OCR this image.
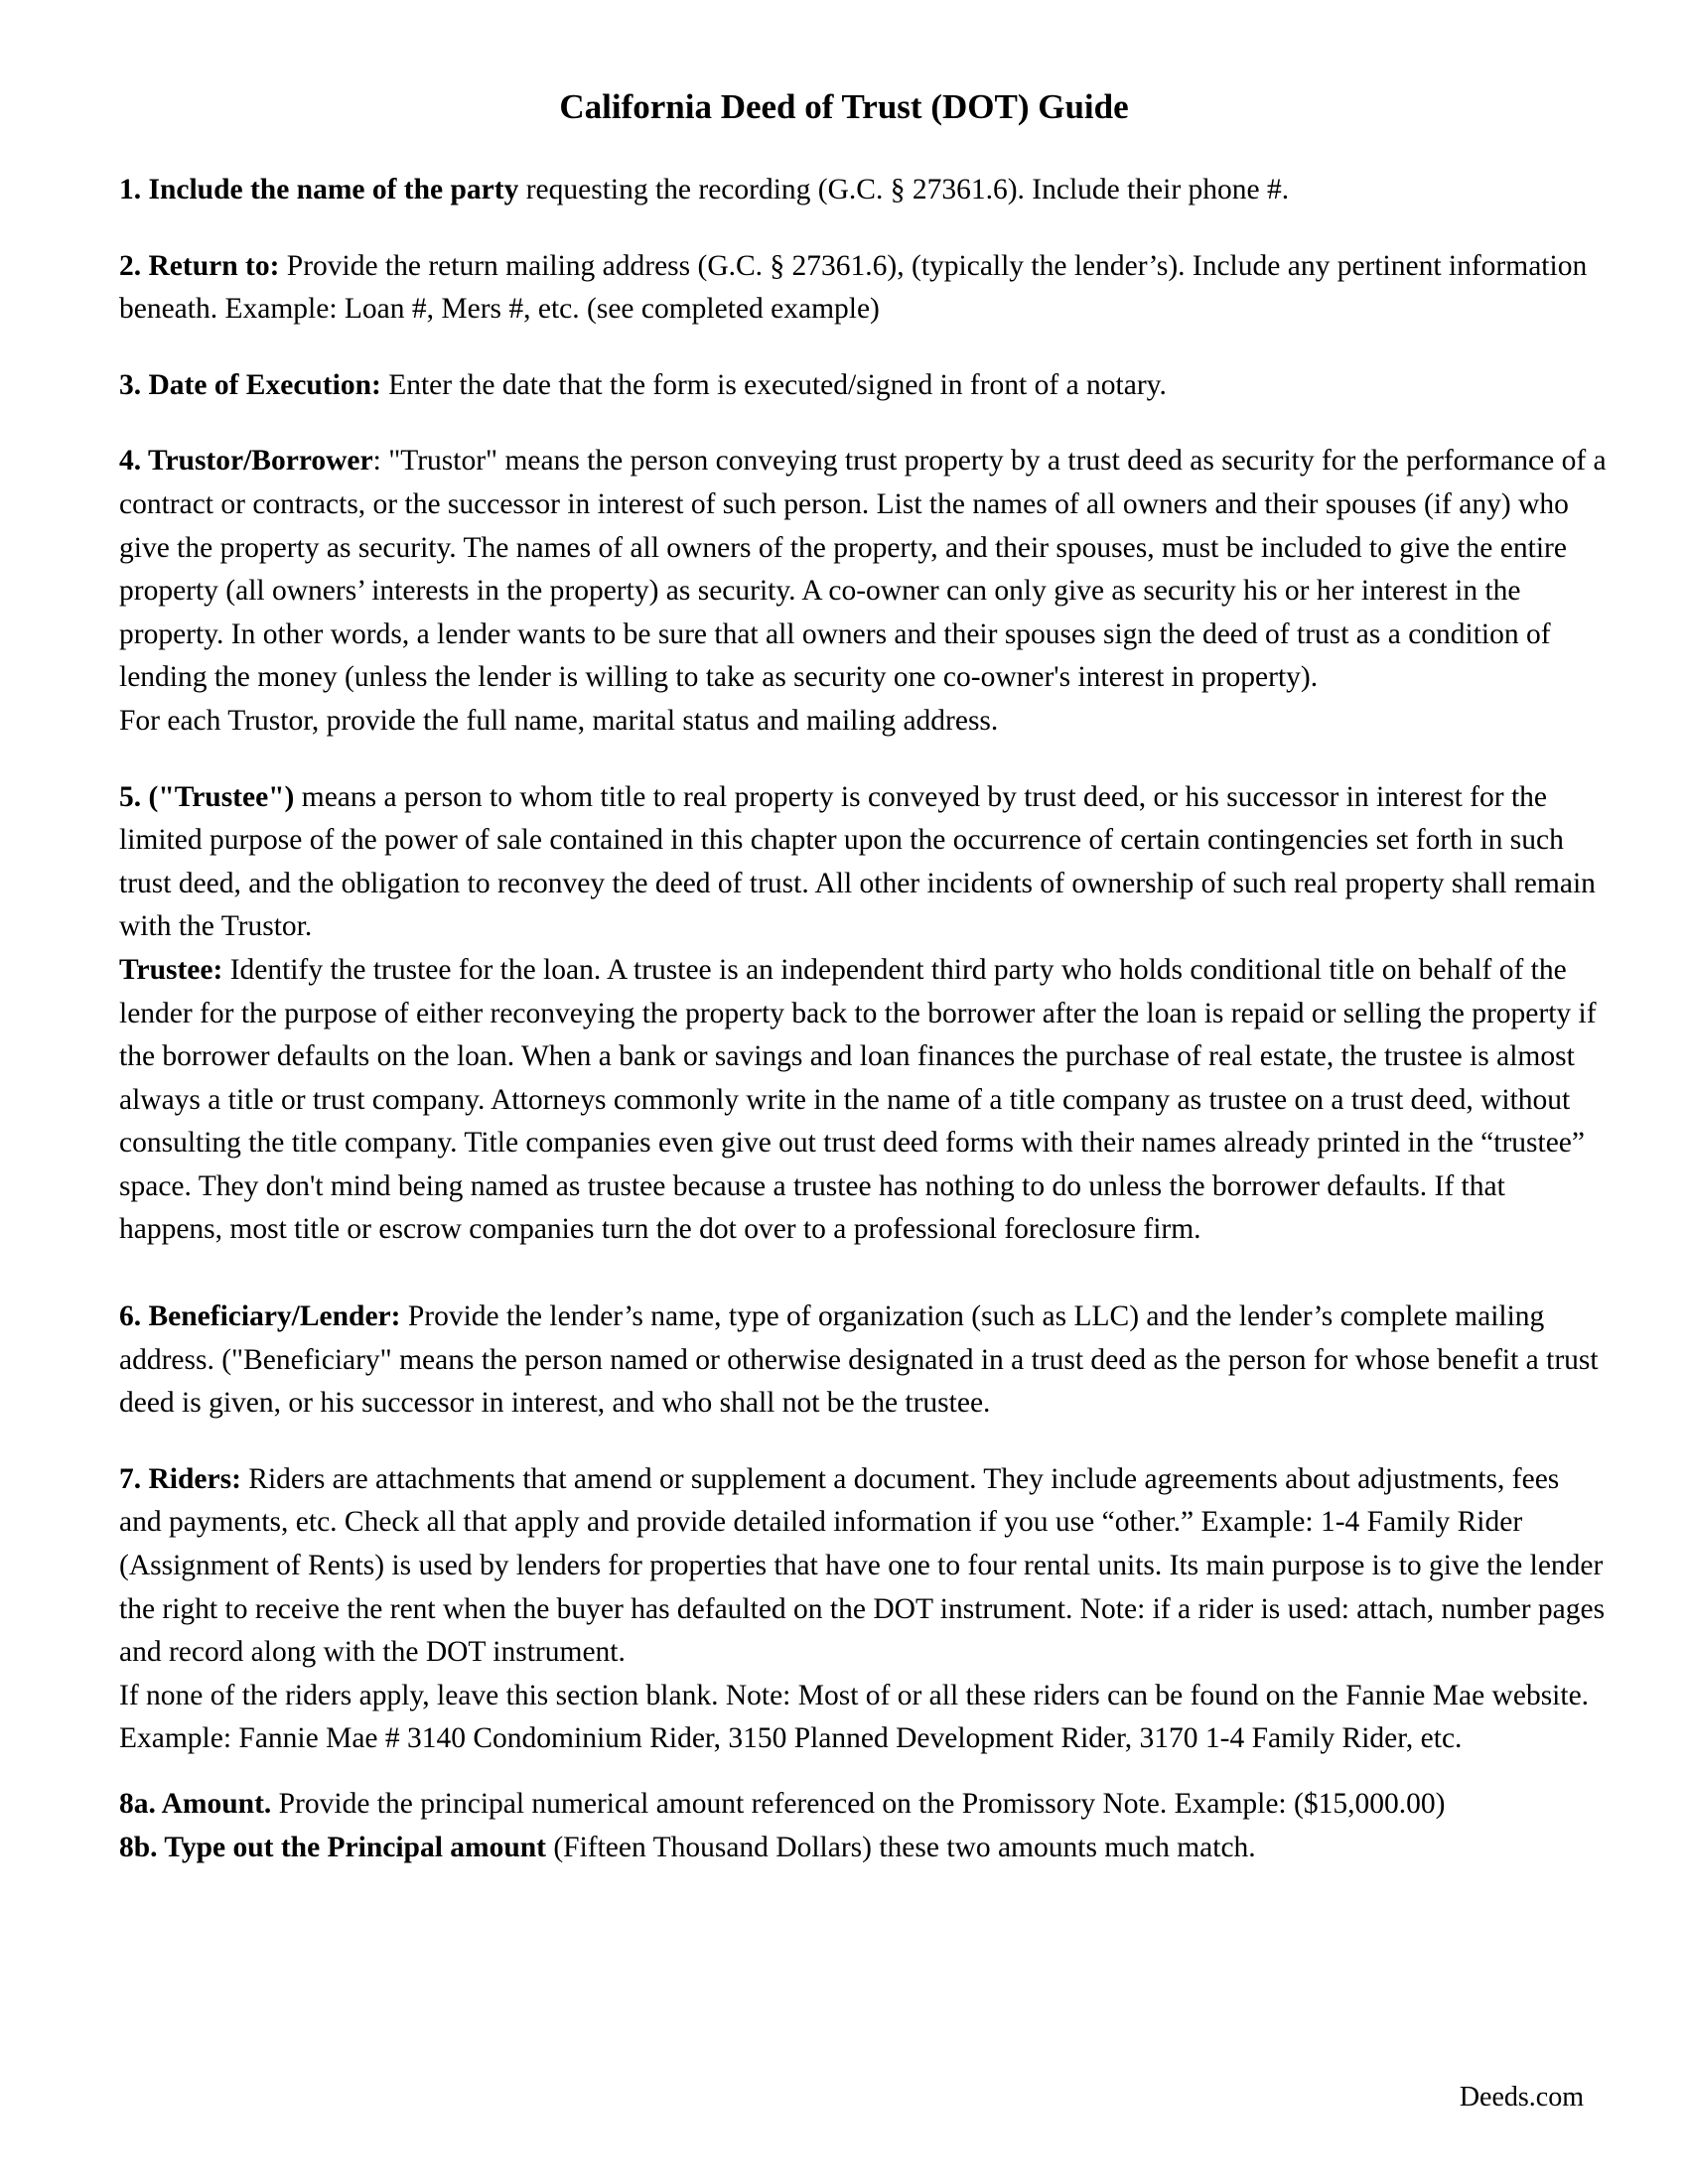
California Deed of Trust (DOT) Guide

1. Include the name of the party requesting the recording (G.C. § 27361.6). Include their phone #.

2. Return to: Provide the return mailing address (G.C. § 27361.6), (typically the lender’s). Include any pertinent information beneath. Example: Loan #, Mers #, etc. (see completed example)

3. Date of Execution: Enter the date that the form is executed/signed in front of a notary.

4. Trustor/Borrower: "Trustor" means the person conveying trust property by a trust deed as security for the performance of a contract or contracts, or the successor in interest of such person. List the names of all owners and their spouses (if any) who give the property as security. The names of all owners of the property, and their spouses, must be included to give the entire property (all owners’ interests in the property) as security. A co-owner can only give as security his or her interest in the property. In other words, a lender wants to be sure that all owners and their spouses sign the deed of trust as a condition of lending the money (unless the lender is willing to take as security one co-owner's interest in property).

For each Trustor, provide the full name, marital status and mailing address.

5. ("Trustee") means a person to whom title to real property is conveyed by trust deed, or his successor in interest for the limited purpose of the power of sale contained in this chapter upon the occurrence of certain contingencies set forth in such trust deed, and the obligation to reconvey the deed of trust. All other incidents of ownership of such real property shall remain with the Trustor.

Trustee: Identify the trustee for the loan. A trustee is an independent third party who holds conditional title on behalf of the lender for the purpose of either reconveying the property back to the borrower after the loan is repaid or selling the property if the borrower defaults on the loan. When a bank or savings and loan finances the purchase of real estate, the trustee is almost always a title or trust company. Attorneys commonly write in the name of a title company as trustee on a trust deed, without consulting the title company. Title companies even give out trust deed forms with their names already printed in the “trustee” space. They don't mind being named as trustee because a trustee has nothing to do unless the borrower defaults. If that happens, most title or escrow companies turn the dot over to a professional foreclosure firm.

6. Beneficiary/Lender: Provide the lender’s name, type of organization (such as LLC) and the lender’s complete mailing address. ("Beneficiary" means the person named or otherwise designated in a trust deed as the person for whose benefit a trust deed is given, or his successor in interest, and who shall not be the trustee.

7. Riders: Riders are attachments that amend or supplement a document. They include agreements about adjustments, fees and payments, etc. Check all that apply and provide detailed information if you use “other.” Example: 1-4 Family Rider (Assignment of Rents) is used by lenders for properties that have one to four rental units. Its main purpose is to give the lender the right to receive the rent when the buyer has defaulted on the DOT instrument. Note: if a rider is used: attach, number pages and record along with the DOT instrument.

If none of the riders apply, leave this section blank. Note: Most of or all these riders can be found on the Fannie Mae website. Example: Fannie Mae # 3140 Condominium Rider, 3150 Planned Development Rider, 3170 1-4 Family Rider, etc.

8a. Amount. Provide the principal numerical amount referenced on the Promissory Note. Example: ($15,000.00)

8b. Type out the Principal amount (Fifteen Thousand Dollars) these two amounts much match.

Deeds.com
